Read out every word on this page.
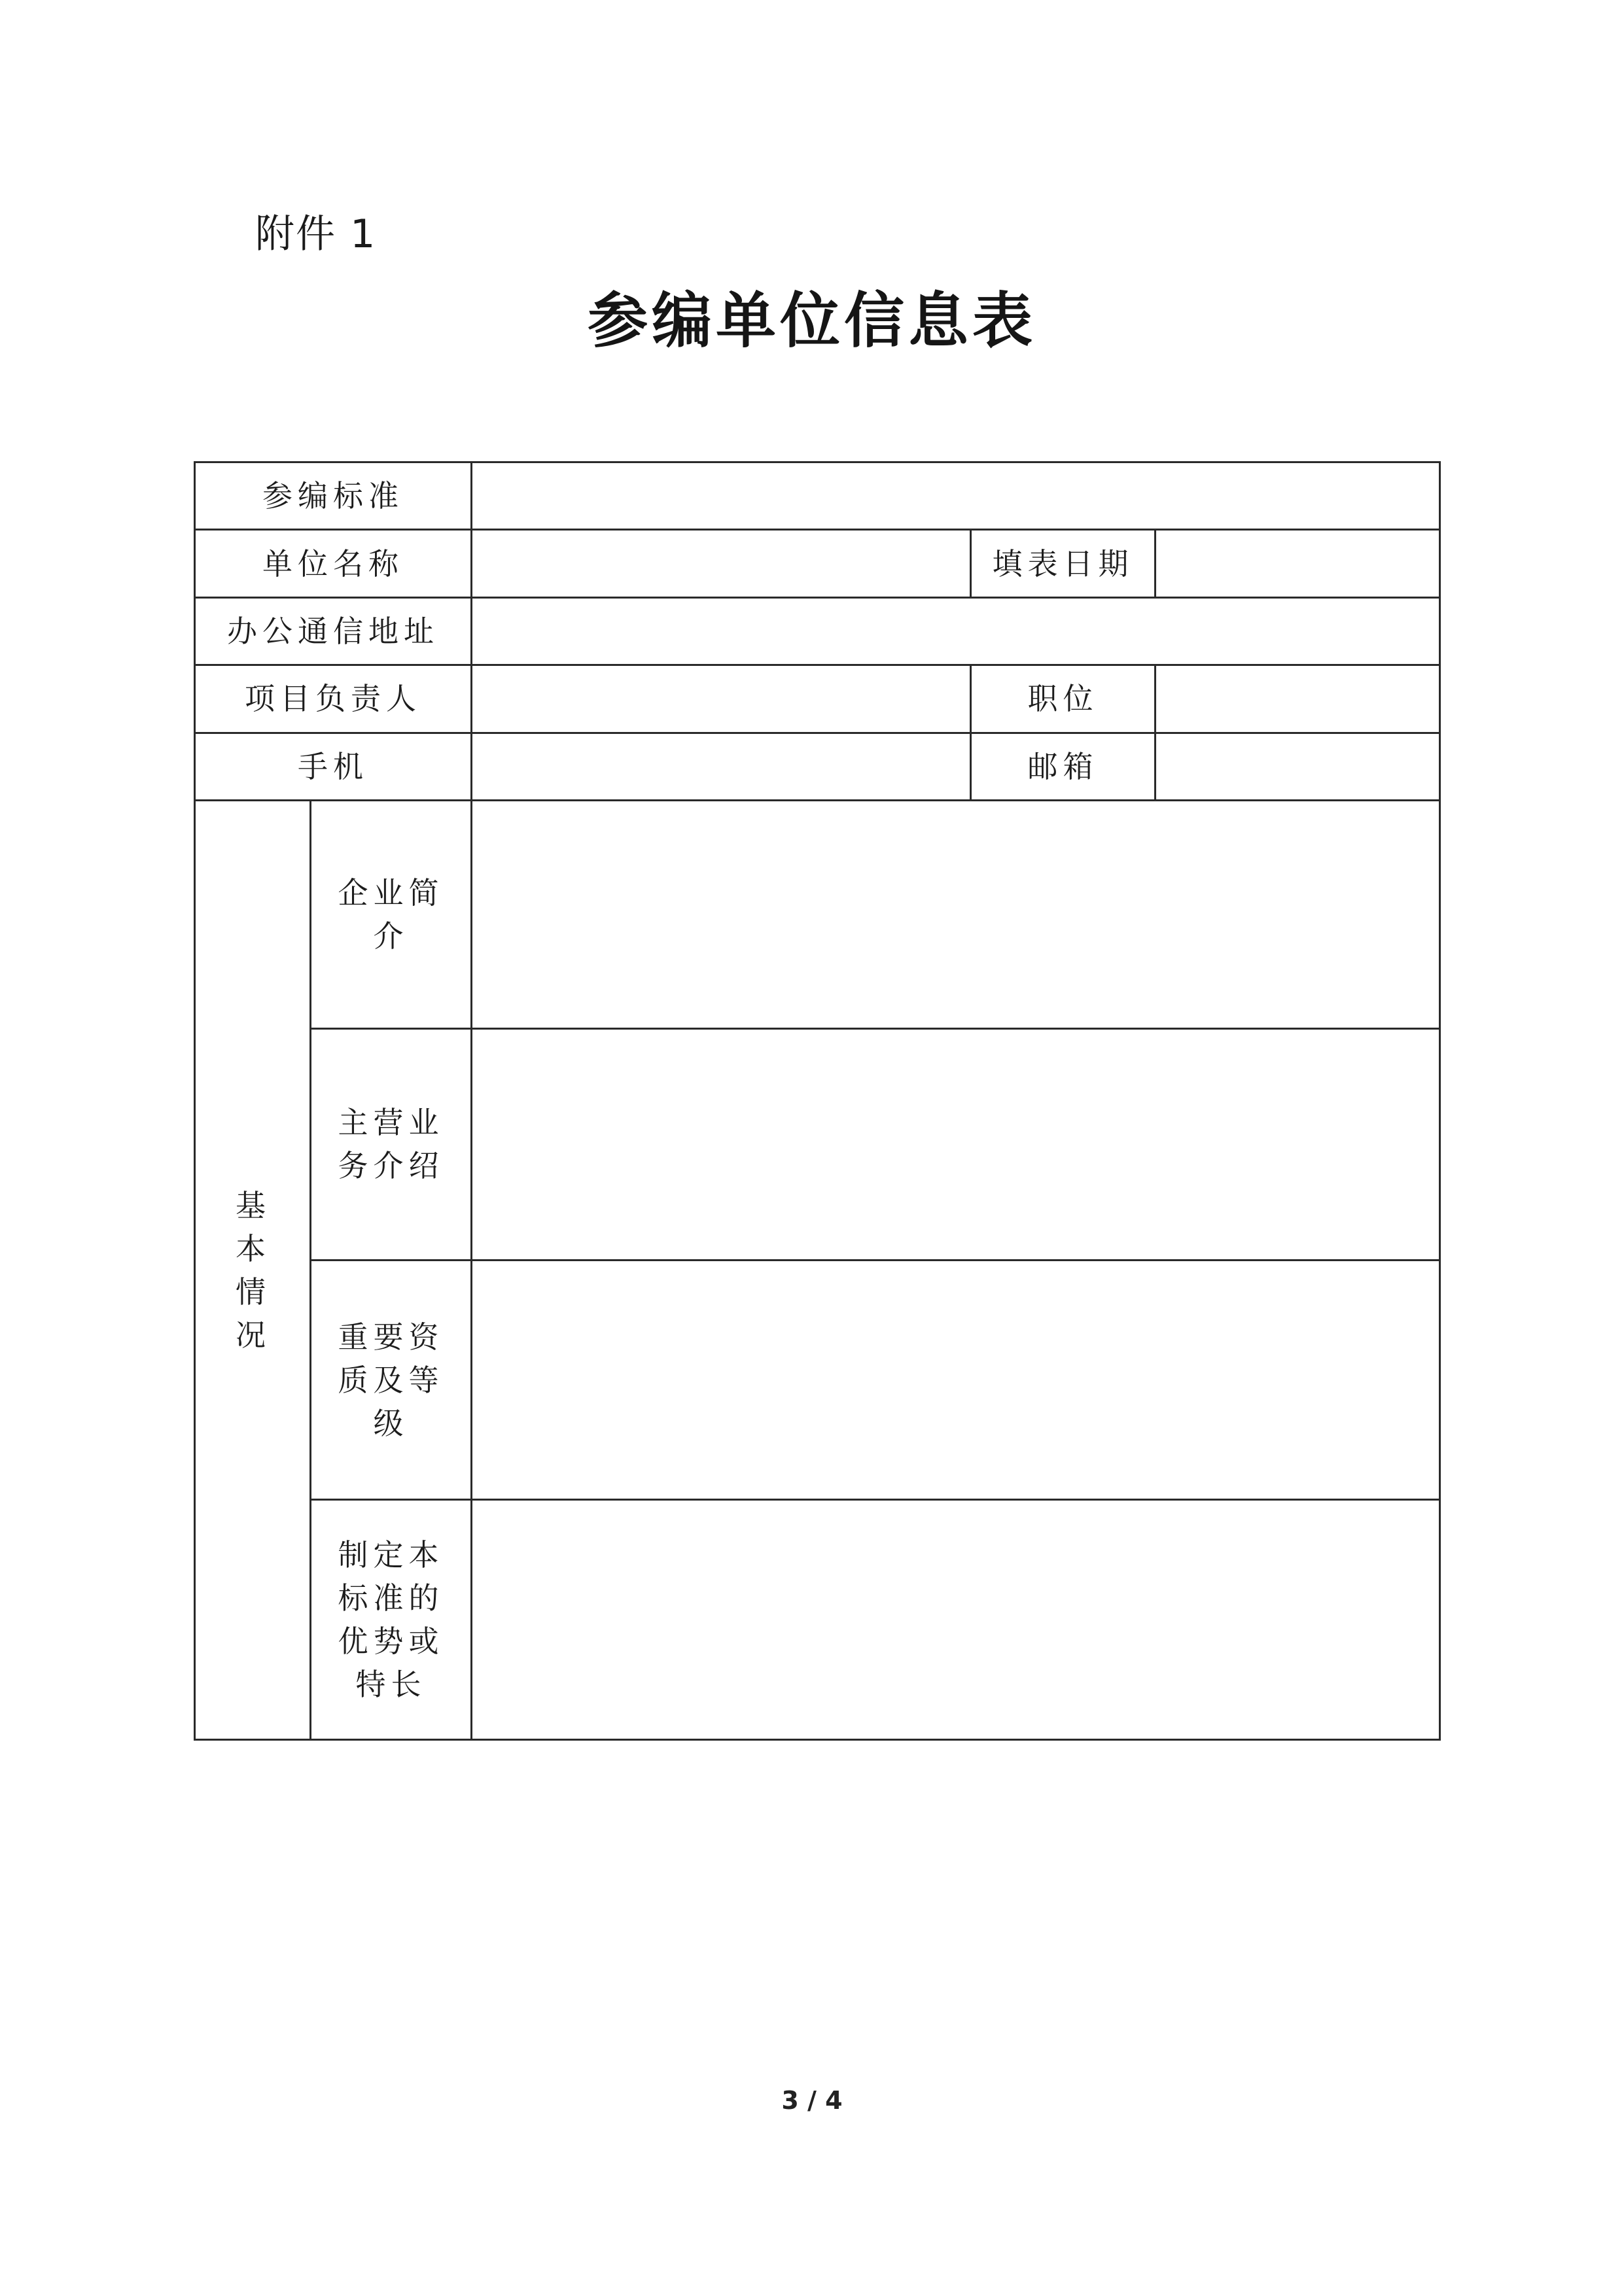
附件 1
参编单位信息表
参编标准				
单位名称			填表日期	
办公通信地址				
项目负责人			职位	
手机			邮箱	
基本情况	企业简介			
	主营业务介绍			
	重要资质及等级			
	制定本标准的优势或特长			
3 / 4
